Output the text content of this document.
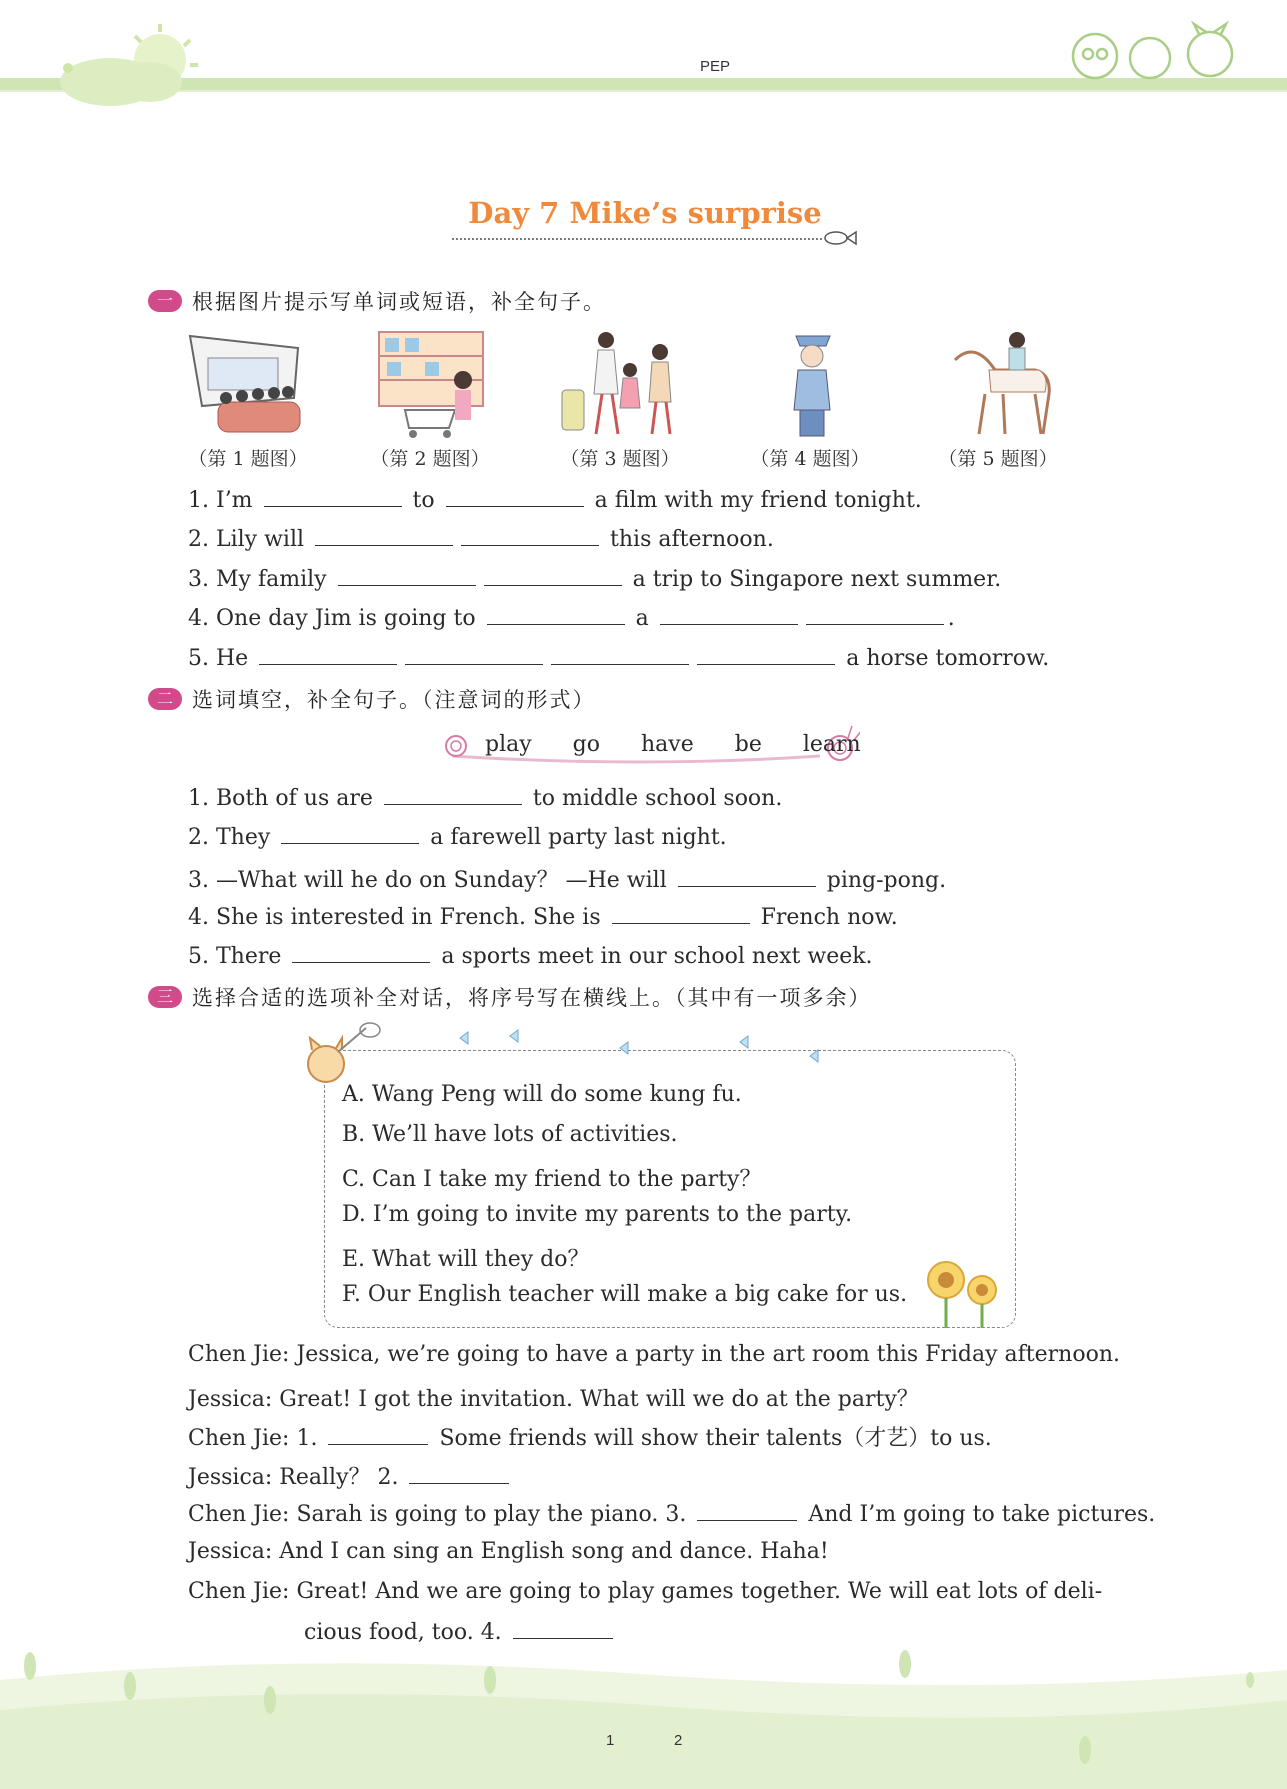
PEP
Day 7 Mike’s surprise
一 根据图片提示写单词或短语，补全句子。
（第 1 题图）	（第 2 题图）	（第 3 题图）	（第 4 题图）	（第 5 题图）
1. I’m	to	a film with my friend tonight.
2. Lily will	this afternoon.
3. My family	a trip to Singapore next summer.
4. One day Jim is going to	a	.
5. He	a horse tomorrow.
二 选词填空，补全句子。（注意词的形式）
play go have be learn
1. Both of us are	to middle school soon.
2. They	a farewell party last night.
3. —What will he do on Sunday？ —He will	ping-pong.
4. She is interested in French. She is	French now.
5. There	a sports meet in our school next week.
三 选择合适的选项补全对话，将序号写在横线上。（其中有一项多余）
A. Wang Peng will do some kung fu.
B. We’ll have lots of activities.
C. Can I take my friend to the party？
D. I’m going to invite my parents to the party.
E. What will they do？
F. Our English teacher will make a big cake for us.
Chen Jie: Jessica, we’re going to have a party in the art room this Friday afternoon.
Jessica: Great! I got the invitation. What will we do at the party？
Chen Jie: 1.	Some friends will show their talents（才艺）to us.
Jessica: Really？ 2.
Chen Jie: Sarah is going to play the piano. 3.	And I’m going to take pictures.
Jessica: And I can sing an English song and dance. Haha!
Chen Jie: Great! And we are going to play games together. We will eat lots of deli-
cious food, too. 4.
1	2
